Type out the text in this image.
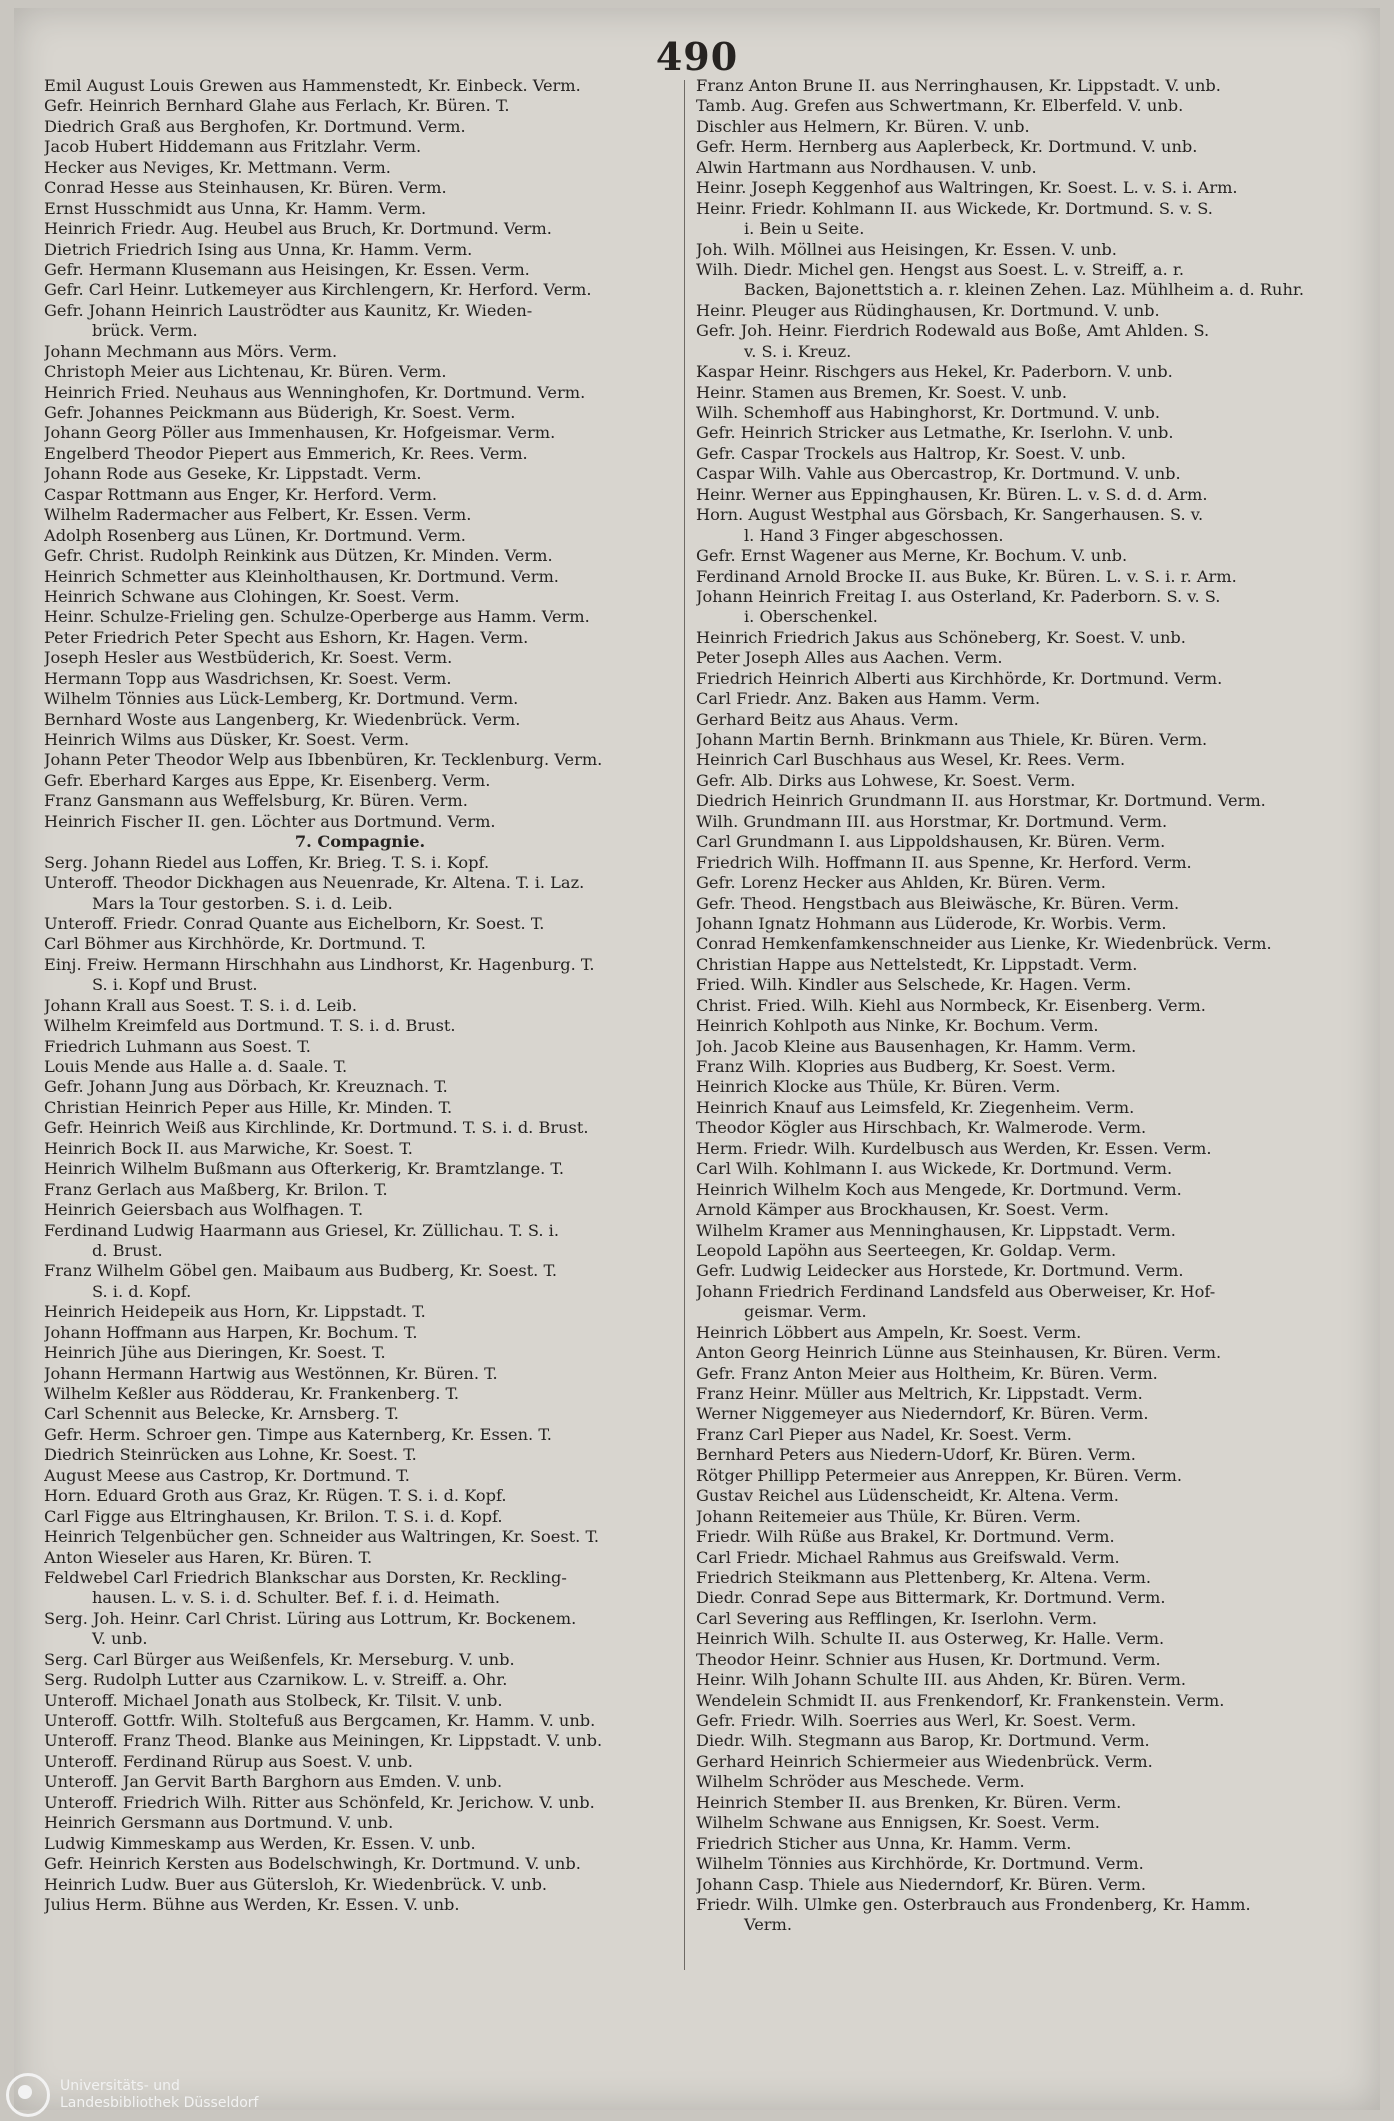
490
Emil August Louis Grewen aus Hammenstedt, Kr. Einbeck. Verm.
Gefr. Heinrich Bernhard Glahe aus Ferlach, Kr. Büren. T.
Diedrich Graß aus Berghofen, Kr. Dortmund. Verm.
Jacob Hubert Hiddemann aus Fritzlahr. Verm.
Hecker aus Neviges, Kr. Mettmann. Verm.
Conrad Hesse aus Steinhausen, Kr. Büren. Verm.
Ernst Husschmidt aus Unna, Kr. Hamm. Verm.
Heinrich Friedr. Aug. Heubel aus Bruch, Kr. Dortmund. Verm.
Dietrich Friedrich Ising aus Unna, Kr. Hamm. Verm.
Gefr. Hermann Klusemann aus Heisingen, Kr. Essen. Verm.
Gefr. Carl Heinr. Lutkemeyer aus Kirchlengern, Kr. Herford. Verm.
Gefr. Johann Heinrich Lauströdter aus Kaunitz, Kr. Wieden-
brück. Verm.
Johann Mechmann aus Mörs. Verm.
Christoph Meier aus Lichtenau, Kr. Büren. Verm.
Heinrich Fried. Neuhaus aus Wenninghofen, Kr. Dortmund. Verm.
Gefr. Johannes Peickmann aus Büderigh, Kr. Soest. Verm.
Johann Georg Pöller aus Immenhausen, Kr. Hofgeismar. Verm.
Engelberd Theodor Piepert aus Emmerich, Kr. Rees. Verm.
Johann Rode aus Geseke, Kr. Lippstadt. Verm.
Caspar Rottmann aus Enger, Kr. Herford. Verm.
Wilhelm Radermacher aus Felbert, Kr. Essen. Verm.
Adolph Rosenberg aus Lünen, Kr. Dortmund. Verm.
Gefr. Christ. Rudolph Reinkink aus Dützen, Kr. Minden. Verm.
Heinrich Schmetter aus Kleinholthausen, Kr. Dortmund. Verm.
Heinrich Schwane aus Clohingen, Kr. Soest. Verm.
Heinr. Schulze-Frieling gen. Schulze-Operberge aus Hamm. Verm.
Peter Friedrich Peter Specht aus Eshorn, Kr. Hagen. Verm.
Joseph Hesler aus Westbüderich, Kr. Soest. Verm.
Hermann Topp aus Wasdrichsen, Kr. Soest. Verm.
Wilhelm Tönnies aus Lück-Lemberg, Kr. Dortmund. Verm.
Bernhard Woste aus Langenberg, Kr. Wiedenbrück. Verm.
Heinrich Wilms aus Düsker, Kr. Soest. Verm.
Johann Peter Theodor Welp aus Ibbenbüren, Kr. Tecklenburg. Verm.
Gefr. Eberhard Karges aus Eppe, Kr. Eisenberg. Verm.
Franz Gansmann aus Weffelsburg, Kr. Büren. Verm.
Heinrich Fischer II. gen. Löchter aus Dortmund. Verm.
7. Compagnie.
Serg. Johann Riedel aus Loffen, Kr. Brieg. T. S. i. Kopf.
Unteroff. Theodor Dickhagen aus Neuenrade, Kr. Altena. T. i. Laz.
Mars la Tour gestorben. S. i. d. Leib.
Unteroff. Friedr. Conrad Quante aus Eichelborn, Kr. Soest. T.
Carl Böhmer aus Kirchhörde, Kr. Dortmund. T.
Einj. Freiw. Hermann Hirschhahn aus Lindhorst, Kr. Hagenburg. T.
S. i. Kopf und Brust.
Johann Krall aus Soest. T. S. i. d. Leib.
Wilhelm Kreimfeld aus Dortmund. T. S. i. d. Brust.
Friedrich Luhmann aus Soest. T.
Louis Mende aus Halle a. d. Saale. T.
Gefr. Johann Jung aus Dörbach, Kr. Kreuznach. T.
Christian Heinrich Peper aus Hille, Kr. Minden. T.
Gefr. Heinrich Weiß aus Kirchlinde, Kr. Dortmund. T. S. i. d. Brust.
Heinrich Bock II. aus Marwiche, Kr. Soest. T.
Heinrich Wilhelm Bußmann aus Ofterkerig, Kr. Bramtzlange. T.
Franz Gerlach aus Maßberg, Kr. Brilon. T.
Heinrich Geiersbach aus Wolfhagen. T.
Ferdinand Ludwig Haarmann aus Griesel, Kr. Züllichau. T. S. i.
d. Brust.
Franz Wilhelm Göbel gen. Maibaum aus Budberg, Kr. Soest. T.
S. i. d. Kopf.
Heinrich Heidepeik aus Horn, Kr. Lippstadt. T.
Johann Hoffmann aus Harpen, Kr. Bochum. T.
Heinrich Jühe aus Dieringen, Kr. Soest. T.
Johann Hermann Hartwig aus Westönnen, Kr. Büren. T.
Wilhelm Keßler aus Rödderau, Kr. Frankenberg. T.
Carl Schennit aus Belecke, Kr. Arnsberg. T.
Gefr. Herm. Schroer gen. Timpe aus Katernberg, Kr. Essen. T.
Diedrich Steinrücken aus Lohne, Kr. Soest. T.
August Meese aus Castrop, Kr. Dortmund. T.
Horn. Eduard Groth aus Graz, Kr. Rügen. T. S. i. d. Kopf.
Carl Figge aus Eltringhausen, Kr. Brilon. T. S. i. d. Kopf.
Heinrich Telgenbücher gen. Schneider aus Waltringen, Kr. Soest. T.
Anton Wieseler aus Haren, Kr. Büren. T.
Feldwebel Carl Friedrich Blankschar aus Dorsten, Kr. Reckling-
hausen. L. v. S. i. d. Schulter. Bef. f. i. d. Heimath.
Serg. Joh. Heinr. Carl Christ. Lüring aus Lottrum, Kr. Bockenem.
V. unb.
Serg. Carl Bürger aus Weißenfels, Kr. Merseburg. V. unb.
Serg. Rudolph Lutter aus Czarnikow. L. v. Streiff. a. Ohr.
Unteroff. Michael Jonath aus Stolbeck, Kr. Tilsit. V. unb.
Unteroff. Gottfr. Wilh. Stoltefuß aus Bergcamen, Kr. Hamm. V. unb.
Unteroff. Franz Theod. Blanke aus Meiningen, Kr. Lippstadt. V. unb.
Unteroff. Ferdinand Rürup aus Soest. V. unb.
Unteroff. Jan Gervit Barth Barghorn aus Emden. V. unb.
Unteroff. Friedrich Wilh. Ritter aus Schönfeld, Kr. Jerichow. V. unb.
Heinrich Gersmann aus Dortmund. V. unb.
Ludwig Kimmeskamp aus Werden, Kr. Essen. V. unb.
Gefr. Heinrich Kersten aus Bodelschwingh, Kr. Dortmund. V. unb.
Heinrich Ludw. Buer aus Gütersloh, Kr. Wiedenbrück. V. unb.
Julius Herm. Bühne aus Werden, Kr. Essen. V. unb.
Franz Anton Brune II. aus Nerringhausen, Kr. Lippstadt. V. unb.
Tamb. Aug. Grefen aus Schwertmann, Kr. Elberfeld. V. unb.
Dischler aus Helmern, Kr. Büren. V. unb.
Gefr. Herm. Hernberg aus Aaplerbeck, Kr. Dortmund. V. unb.
Alwin Hartmann aus Nordhausen. V. unb.
Heinr. Joseph Keggenhof aus Waltringen, Kr. Soest. L. v. S. i. Arm.
Heinr. Friedr. Kohlmann II. aus Wickede, Kr. Dortmund. S. v. S.
i. Bein u Seite.
Joh. Wilh. Möllnei aus Heisingen, Kr. Essen. V. unb.
Wilh. Diedr. Michel gen. Hengst aus Soest. L. v. Streiff, a. r.
Backen, Bajonettstich a. r. kleinen Zehen. Laz. Mühlheim a. d. Ruhr.
Heinr. Pleuger aus Rüdinghausen, Kr. Dortmund. V. unb.
Gefr. Joh. Heinr. Fierdrich Rodewald aus Boße, Amt Ahlden. S.
v. S. i. Kreuz.
Kaspar Heinr. Rischgers aus Hekel, Kr. Paderborn. V. unb.
Heinr. Stamen aus Bremen, Kr. Soest. V. unb.
Wilh. Schemhoff aus Habinghorst, Kr. Dortmund. V. unb.
Gefr. Heinrich Stricker aus Letmathe, Kr. Iserlohn. V. unb.
Gefr. Caspar Trockels aus Haltrop, Kr. Soest. V. unb.
Caspar Wilh. Vahle aus Obercastrop, Kr. Dortmund. V. unb.
Heinr. Werner aus Eppinghausen, Kr. Büren. L. v. S. d. d. Arm.
Horn. August Westphal aus Görsbach, Kr. Sangerhausen. S. v.
l. Hand 3 Finger abgeschossen.
Gefr. Ernst Wagener aus Merne, Kr. Bochum. V. unb.
Ferdinand Arnold Brocke II. aus Buke, Kr. Büren. L. v. S. i. r. Arm.
Johann Heinrich Freitag I. aus Osterland, Kr. Paderborn. S. v. S.
i. Oberschenkel.
Heinrich Friedrich Jakus aus Schöneberg, Kr. Soest. V. unb.
Peter Joseph Alles aus Aachen. Verm.
Friedrich Heinrich Alberti aus Kirchhörde, Kr. Dortmund. Verm.
Carl Friedr. Anz. Baken aus Hamm. Verm.
Gerhard Beitz aus Ahaus. Verm.
Johann Martin Bernh. Brinkmann aus Thiele, Kr. Büren. Verm.
Heinrich Carl Buschhaus aus Wesel, Kr. Rees. Verm.
Gefr. Alb. Dirks aus Lohwese, Kr. Soest. Verm.
Diedrich Heinrich Grundmann II. aus Horstmar, Kr. Dortmund. Verm.
Wilh. Grundmann III. aus Horstmar, Kr. Dortmund. Verm.
Carl Grundmann I. aus Lippoldshausen, Kr. Büren. Verm.
Friedrich Wilh. Hoffmann II. aus Spenne, Kr. Herford. Verm.
Gefr. Lorenz Hecker aus Ahlden, Kr. Büren. Verm.
Gefr. Theod. Hengstbach aus Bleiwäsche, Kr. Büren. Verm.
Johann Ignatz Hohmann aus Lüderode, Kr. Worbis. Verm.
Conrad Hemkenfamkenschneider aus Lienke, Kr. Wiedenbrück. Verm.
Christian Happe aus Nettelstedt, Kr. Lippstadt. Verm.
Fried. Wilh. Kindler aus Selschede, Kr. Hagen. Verm.
Christ. Fried. Wilh. Kiehl aus Normbeck, Kr. Eisenberg. Verm.
Heinrich Kohlpoth aus Ninke, Kr. Bochum. Verm.
Joh. Jacob Kleine aus Bausenhagen, Kr. Hamm. Verm.
Franz Wilh. Klopries aus Budberg, Kr. Soest. Verm.
Heinrich Klocke aus Thüle, Kr. Büren. Verm.
Heinrich Knauf aus Leimsfeld, Kr. Ziegenheim. Verm.
Theodor Kögler aus Hirschbach, Kr. Walmerode. Verm.
Herm. Friedr. Wilh. Kurdelbusch aus Werden, Kr. Essen. Verm.
Carl Wilh. Kohlmann I. aus Wickede, Kr. Dortmund. Verm.
Heinrich Wilhelm Koch aus Mengede, Kr. Dortmund. Verm.
Arnold Kämper aus Brockhausen, Kr. Soest. Verm.
Wilhelm Kramer aus Menninghausen, Kr. Lippstadt. Verm.
Leopold Lapöhn aus Seerteegen, Kr. Goldap. Verm.
Gefr. Ludwig Leidecker aus Horstede, Kr. Dortmund. Verm.
Johann Friedrich Ferdinand Landsfeld aus Oberweiser, Kr. Hof-
geismar. Verm.
Heinrich Löbbert aus Ampeln, Kr. Soest. Verm.
Anton Georg Heinrich Lünne aus Steinhausen, Kr. Büren. Verm.
Gefr. Franz Anton Meier aus Holtheim, Kr. Büren. Verm.
Franz Heinr. Müller aus Meltrich, Kr. Lippstadt. Verm.
Werner Niggemeyer aus Niederndorf, Kr. Büren. Verm.
Franz Carl Pieper aus Nadel, Kr. Soest. Verm.
Bernhard Peters aus Niedern-Udorf, Kr. Büren. Verm.
Rötger Phillipp Petermeier aus Anreppen, Kr. Büren. Verm.
Gustav Reichel aus Lüdenscheidt, Kr. Altena. Verm.
Johann Reitemeier aus Thüle, Kr. Büren. Verm.
Friedr. Wilh Rüße aus Brakel, Kr. Dortmund. Verm.
Carl Friedr. Michael Rahmus aus Greifswald. Verm.
Friedrich Steikmann aus Plettenberg, Kr. Altena. Verm.
Diedr. Conrad Sepe aus Bittermark, Kr. Dortmund. Verm.
Carl Severing aus Refflingen, Kr. Iserlohn. Verm.
Heinrich Wilh. Schulte II. aus Osterweg, Kr. Halle. Verm.
Theodor Heinr. Schnier aus Husen, Kr. Dortmund. Verm.
Heinr. Wilh Johann Schulte III. aus Ahden, Kr. Büren. Verm.
Wendelein Schmidt II. aus Frenkendorf, Kr. Frankenstein. Verm.
Gefr. Friedr. Wilh. Soerries aus Werl, Kr. Soest. Verm.
Diedr. Wilh. Stegmann aus Barop, Kr. Dortmund. Verm.
Gerhard Heinrich Schiermeier aus Wiedenbrück. Verm.
Wilhelm Schröder aus Meschede. Verm.
Heinrich Stember II. aus Brenken, Kr. Büren. Verm.
Wilhelm Schwane aus Ennigsen, Kr. Soest. Verm.
Friedrich Sticher aus Unna, Kr. Hamm. Verm.
Wilhelm Tönnies aus Kirchhörde, Kr. Dortmund. Verm.
Johann Casp. Thiele aus Niederndorf, Kr. Büren. Verm.
Friedr. Wilh. Ulmke gen. Osterbrauch aus Frondenberg, Kr. Hamm.
Verm.
Universitäts- und
Landesbibliothek Düsseldorf
